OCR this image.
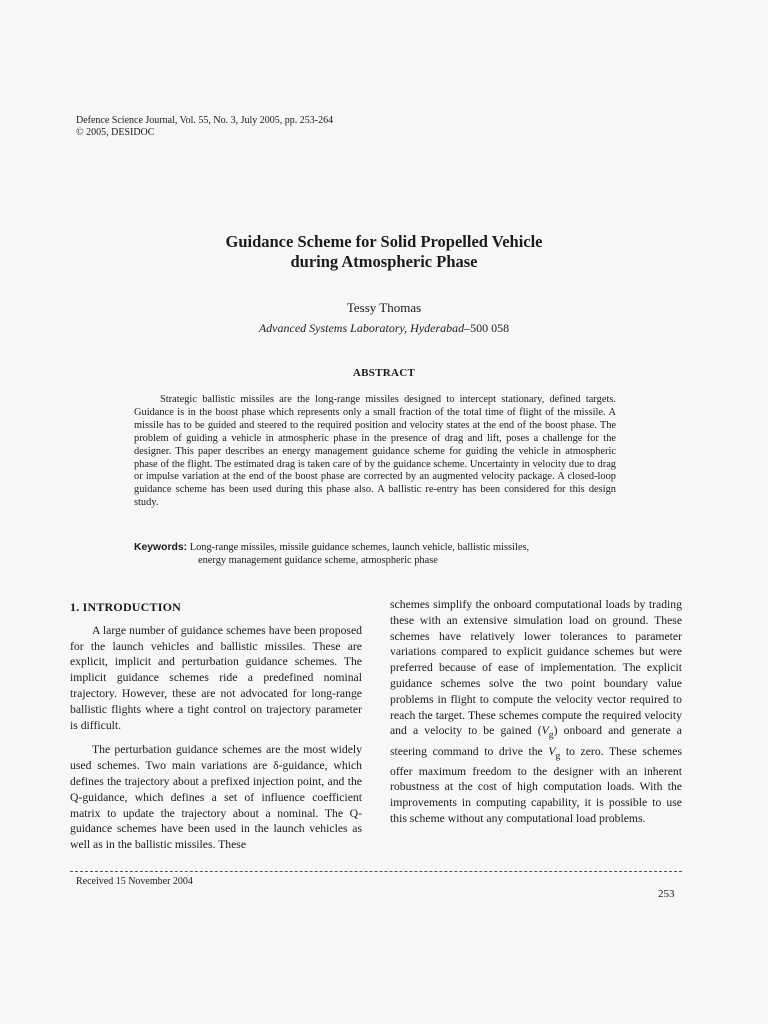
Defence Science Journal, Vol. 55, No. 3, July 2005, pp. 253-264
© 2005, DESIDOC
Guidance Scheme for Solid Propelled Vehicle
during Atmospheric Phase
Tessy Thomas
Advanced Systems Laboratory, Hyderabad–500 058
ABSTRACT

Strategic ballistic missiles are the long-range missiles designed to intercept stationary, defined targets. Guidance is in the boost phase which represents only a small fraction of the total time of flight of the missile. A missile has to be guided and steered to the required position and velocity states at the end of the boost phase. The problem of guiding a vehicle in atmospheric phase in the presence of drag and lift, poses a challenge for the designer. This paper describes an energy management guidance scheme for guiding the vehicle in atmospheric phase of the flight. The estimated drag is taken care of by the guidance scheme. Uncertainty in velocity due to drag or impulse variation at the end of the boost phase are corrected by an augmented velocity package. A closed-loop guidance scheme has been used during this phase also. A ballistic re-entry has been considered for this design study.

Keywords: Long-range missiles, missile guidance schemes, launch vehicle, ballistic missiles,
energy management guidance scheme, atmospheric phase

1. INTRODUCTION

A large number of guidance schemes have been proposed for the launch vehicles and ballistic missiles. These are explicit, implicit and perturbation guidance schemes. The implicit guidance schemes ride a predefined nominal trajectory. However, these are not advocated for long-range ballistic flights where a tight control on trajectory parameter is difficult.

The perturbation guidance schemes are the most widely used schemes. Two main variations are δ-guidance, which defines the trajectory about a prefixed injection point, and the Q-guidance, which defines a set of influence coefficient matrix to update the trajectory about a nominal. The Q-guidance schemes have been used in the launch vehicles as well as in the ballistic missiles. These

schemes simplify the onboard computational loads by trading these with an extensive simulation load on ground. These schemes have relatively lower tolerances to parameter variations compared to explicit guidance schemes but were preferred because of ease of implementation. The explicit guidance schemes solve the two point boundary value problems in flight to compute the velocity vector required to reach the target. These schemes compute the required velocity and a velocity to be gained $(V_g)$ onboard and generate a steering command to drive the $V_g$ to zero. These schemes offer maximum freedom to the designer with an inherent robustness at the cost of high computation loads. With the improvements in computing capability, it is possible to use this scheme without any computational load problems.

Received 15 November 2004
253
